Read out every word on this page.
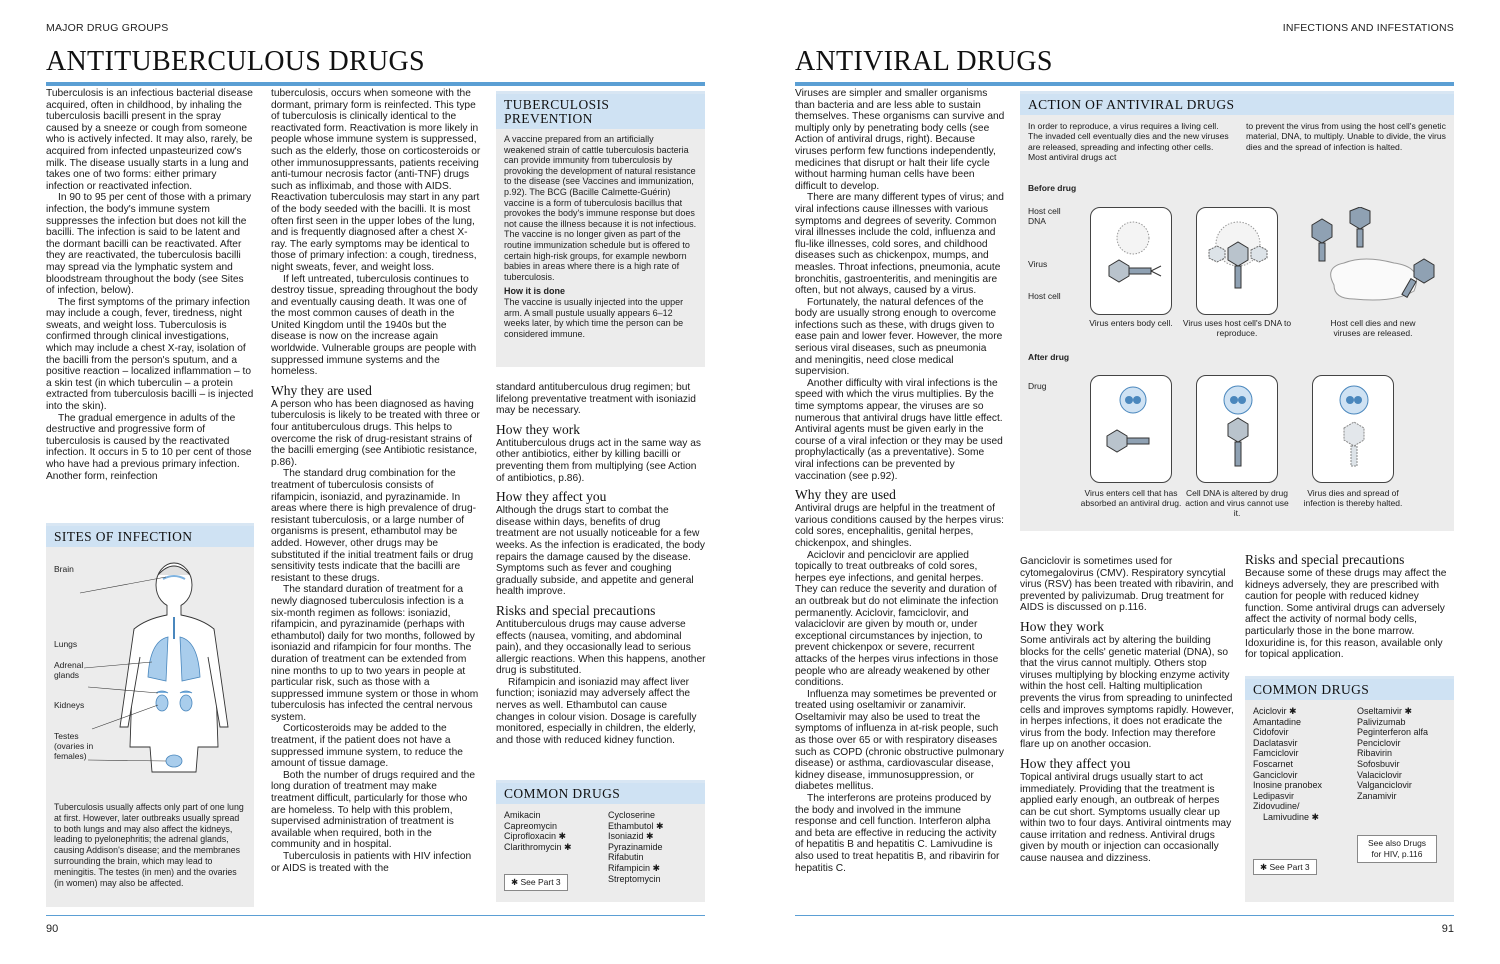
MAJOR DRUG GROUPS
ANTITUBERCULOUS DRUGS

Tuberculosis is an infectious bacterial disease acquired, often in childhood, by inhaling the tuberculosis bacilli present in the spray caused by a sneeze or cough from someone who is actively infected. It may also, rarely, be acquired from infected unpasteurized cow's milk. The disease usually starts in a lung and takes one of two forms: either primary infection or reactivated infection.

In 90 to 95 per cent of those with a primary infection, the body's immune system suppresses the infection but does not kill the bacilli. The infection is said to be latent and the dormant bacilli can be reactivated. After they are reactivated, the tuberculosis bacilli may spread via the lymphatic system and bloodstream throughout the body (see Sites of infection, below).

The first symptoms of the primary infection may include a cough, fever, tiredness, night sweats, and weight loss. Tuberculosis is confirmed through clinical investigations, which may include a chest X-ray, isolation of the bacilli from the person's sputum, and a positive reaction – localized inflammation – to a skin test (in which tuberculin – a protein extracted from tuberculosis bacilli – is injected into the skin).

The gradual emergence in adults of the destructive and progressive form of tuberculosis is caused by the reactivated infection. It occurs in 5 to 10 per cent of those who have had a previous primary infection. Another form, reinfection

SITES OF INFECTION
Brain
Lungs
Adrenal glands
Kidneys
Testes (ovaries in females)
Tuberculosis usually affects only part of one lung at first. However, later outbreaks usually spread to both lungs and may also affect the kidneys, leading to pyelonephritis; the adrenal glands, causing Addison's disease; and the membranes surrounding the brain, which may lead to meningitis. The testes (in men) and the ovaries (in women) may also be affected.

tuberculosis, occurs when someone with the dormant, primary form is reinfected. This type of tuberculosis is clinically identical to the reactivated form. Reactivation is more likely in people whose immune system is suppressed, such as the elderly, those on corticosteroids or other immunosuppressants, patients receiving anti-tumour necrosis factor (anti-TNF) drugs such as infliximab, and those with AIDS. Reactivation tuberculosis may start in any part of the body seeded with the bacilli. It is most often first seen in the upper lobes of the lung, and is frequently diagnosed after a chest X-ray. The early symptoms may be identical to those of primary infection: a cough, tiredness, night sweats, fever, and weight loss.

If left untreated, tuberculosis continues to destroy tissue, spreading throughout the body and eventually causing death. It was one of the most common causes of death in the United Kingdom until the 1940s but the disease is now on the increase again worldwide. Vulnerable groups are people with suppressed immune systems and the homeless.

Why they are used

A person who has been diagnosed as having tuberculosis is likely to be treated with three or four antituberculous drugs. This helps to overcome the risk of drug-resistant strains of the bacilli emerging (see Antibiotic resistance, p.86).

The standard drug combination for the treatment of tuberculosis consists of rifampicin, isoniazid, and pyrazinamide. In areas where there is high prevalence of drug-resistant tuberculosis, or a large number of organisms is present, ethambutol may be added. However, other drugs may be substituted if the initial treatment fails or drug sensitivity tests indicate that the bacilli are resistant to these drugs.

The standard duration of treatment for a newly diagnosed tuberculosis infection is a six-month regimen as follows: isoniazid, rifampicin, and pyrazinamide (perhaps with ethambutol) daily for two months, followed by isoniazid and rifampicin for four months. The duration of treatment can be extended from nine months to up to two years in people at particular risk, such as those with a suppressed immune system or those in whom tuberculosis has infected the central nervous system.

Corticosteroids may be added to the treatment, if the patient does not have a suppressed immune system, to reduce the amount of tissue damage.

Both the number of drugs required and the long duration of treatment may make treatment difficult, particularly for those who are homeless. To help with this problem, supervised administration of treatment is available when required, both in the community and in hospital.

Tuberculosis in patients with HIV infection or AIDS is treated with the

TUBERCULOSIS
PREVENTION
A vaccine prepared from an artificially weakened strain of cattle tuberculosis bacteria can provide immunity from tuberculosis by provoking the development of natural resistance to the disease (see Vaccines and immunization, p.92). The BCG (Bacille Calmette-Guérin) vaccine is a form of tuberculosis bacillus that provokes the body's immune response but does not cause the illness because it is not infectious. The vaccine is no longer given as part of the routine immunization schedule but is offered to certain high-risk groups, for example newborn babies in areas where there is a high rate of tuberculosis.
How it is done
The vaccine is usually injected into the upper arm. A small pustule usually appears 6–12 weeks later, by which time the person can be considered immune.

standard antituberculous drug regimen; but lifelong preventative treatment with isoniazid may be necessary.

How they work

Antituberculous drugs act in the same way as other antibiotics, either by killing bacilli or preventing them from multiplying (see Action of antibiotics, p.86).

How they affect you

Although the drugs start to combat the disease within days, benefits of drug treatment are not usually noticeable for a few weeks. As the infection is eradicated, the body repairs the damage caused by the disease. Symptoms such as fever and coughing gradually subside, and appetite and general health improve.

Risks and special precautions

Antituberculous drugs may cause adverse effects (nausea, vomiting, and abdominal pain), and they occasionally lead to serious allergic reactions. When this happens, another drug is substituted.

Rifampicin and isoniazid may affect liver function; isoniazid may adversely affect the nerves as well. Ethambutol can cause changes in colour vision. Dosage is carefully monitored, especially in children, the elderly, and those with reduced kidney function.

COMMON DRUGS
Amikacin
Capreomycin
Ciprofloxacin ✱
Clarithromycin ✱
✱ See Part 3
Cycloserine
Ethambutol ✱
Isoniazid ✱
Pyrazinamide
Rifabutin
Rifampicin ✱
Streptomycin
90
INFECTIONS AND INFESTATIONS
ANTIVIRAL DRUGS

Viruses are simpler and smaller organisms than bacteria and are less able to sustain themselves. These organisms can survive and multiply only by penetrating body cells (see Action of antiviral drugs, right). Because viruses perform few functions independently, medicines that disrupt or halt their life cycle without harming human cells have been difficult to develop.

There are many different types of virus; and viral infections cause illnesses with various symptoms and degrees of severity. Common viral illnesses include the cold, influenza and flu-like illnesses, cold sores, and childhood diseases such as chickenpox, mumps, and measles. Throat infections, pneumonia, acute bronchitis, gastroenteritis, and meningitis are often, but not always, caused by a virus.

Fortunately, the natural defences of the body are usually strong enough to overcome infections such as these, with drugs given to ease pain and lower fever. However, the more serious viral diseases, such as pneumonia and meningitis, need close medical supervision.

Another difficulty with viral infections is the speed with which the virus multiplies. By the time symptoms appear, the viruses are so numerous that antiviral drugs have little effect. Antiviral agents must be given early in the course of a viral infection or they may be used prophylactically (as a preventative). Some viral infections can be prevented by vaccination (see p.92).

Why they are used

Antiviral drugs are helpful in the treatment of various conditions caused by the herpes virus: cold sores, encephalitis, genital herpes, chickenpox, and shingles.

Aciclovir and penciclovir are applied topically to treat outbreaks of cold sores, herpes eye infections, and genital herpes. They can reduce the severity and duration of an outbreak but do not eliminate the infection permanently. Aciclovir, famciclovir, and valaciclovir are given by mouth or, under exceptional circumstances by injection, to prevent chickenpox or severe, recurrent attacks of the herpes virus infections in those people who are already weakened by other conditions.

Influenza may sometimes be prevented or treated using oseltamivir or zanamivir. Oseltamivir may also be used to treat the symptoms of influenza in at-risk people, such as those over 65 or with respiratory diseases such as COPD (chronic obstructive pulmonary disease) or asthma, cardiovascular disease, kidney disease, immunosuppression, or diabetes mellitus.

The interferons are proteins produced by the body and involved in the immune response and cell function. Interferon alpha and beta are effective in reducing the activity of hepatitis B and hepatitis C. Lamivudine is also used to treat hepatitis B, and ribavirin for hepatitis C.

ACTION OF ANTIVIRAL DRUGS
In order to reproduce, a virus requires a living cell. The invaded cell eventually dies and the new viruses are released, spreading and infecting other cells. Most antiviral drugs act
to prevent the virus from using the host cell's genetic material, DNA, to multiply. Unable to divide, the virus dies and the spread of infection is halted.
Before drug
Host cell DNA
Virus
Host cell
Virus enters body cell.	Virus uses host cell's DNA to reproduce.
Host cell dies and new viruses are released.
After drug
Drug
Virus enters cell that has absorbed an antiviral drug.
Cell DNA is altered by drug action and virus cannot use it.
Virus dies and spread of infection is thereby halted.

Ganciclovir is sometimes used for cytomegalovirus (CMV). Respiratory syncytial virus (RSV) has been treated with ribavirin, and prevented by palivizumab. Drug treatment for AIDS is discussed on p.116.

How they work

Some antivirals act by altering the building blocks for the cells' genetic material (DNA), so that the virus cannot multiply. Others stop viruses multiplying by blocking enzyme activity within the host cell. Halting multiplication prevents the virus from spreading to uninfected cells and improves symptoms rapidly. However, in herpes infections, it does not eradicate the virus from the body. Infection may therefore flare up on another occasion.

How they affect you

Topical antiviral drugs usually start to act immediately. Providing that the treatment is applied early enough, an outbreak of herpes can be cut short. Symptoms usually clear up within two to four days. Antiviral ointments may cause irritation and redness. Antiviral drugs given by mouth or injection can occasionally cause nausea and dizziness.

Risks and special precautions

Because some of these drugs may affect the kidneys adversely, they are prescribed with caution for people with reduced kidney function. Some antiviral drugs can adversely affect the activity of normal body cells, particularly those in the bone marrow. Idoxuridine is, for this reason, available only for topical application.

COMMON DRUGS
Aciclovir ✱
Amantadine
Cidofovir
Daclatasvir
Famciclovir
Foscarnet
Ganciclovir
Inosine pranobex
Ledipasvir
Zidovudine/
Lamivudine ✱
✱ See Part 3
Oseltamivir ✱
Palivizumab
Peginterferon alfa
Penciclovir
Ribavirin
Sofosbuvir
Valaciclovir
Valganciclovir
Zanamivir
See also Drugs for HIV, p.116
91
